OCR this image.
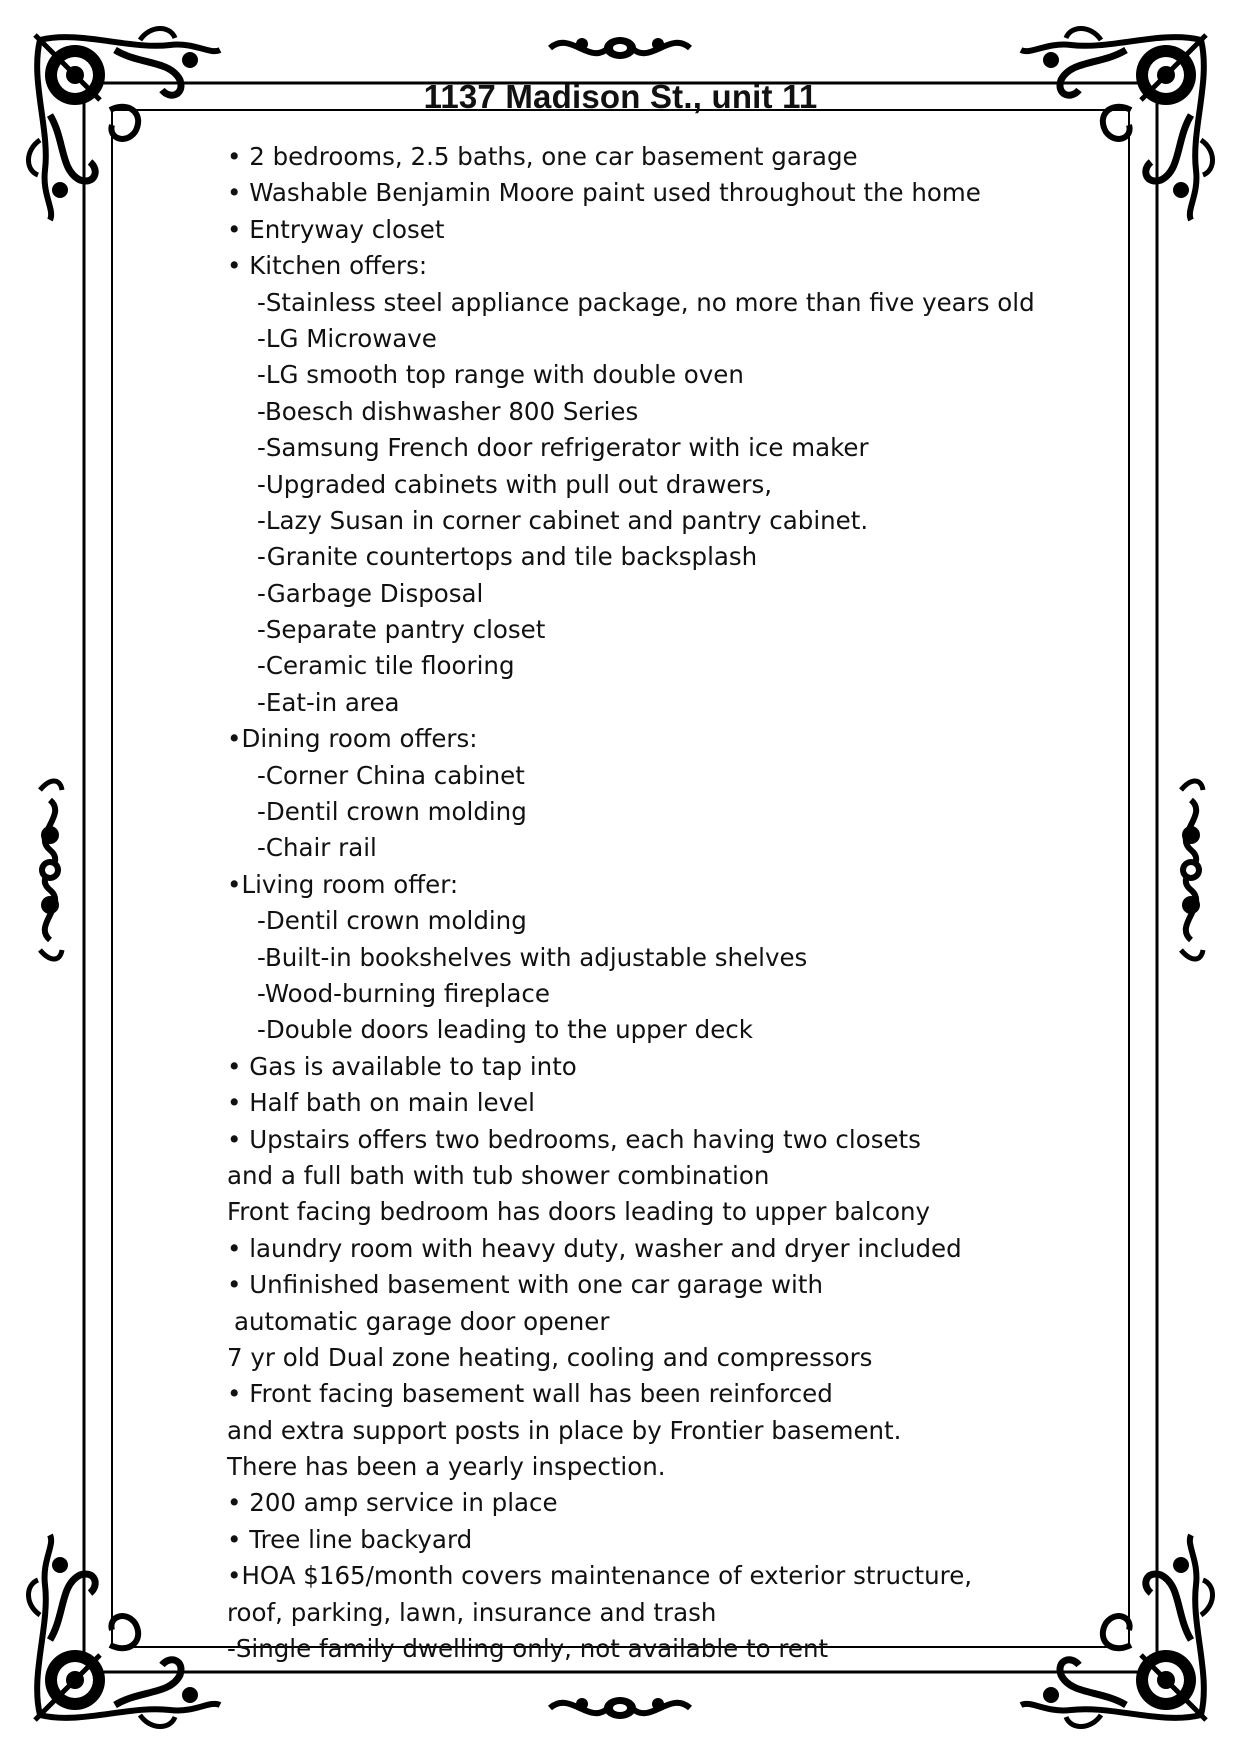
1137 Madison St., unit 11
• 2 bedrooms, 2.5 baths, one car basement garage
• Washable Benjamin Moore paint used throughout the home
• Entryway closet
• Kitchen offers:
-Stainless steel appliance package, no more than five years old
-LG Microwave
-LG smooth top range with double oven
-Boesch dishwasher 800 Series
-Samsung French door refrigerator with ice maker
-Upgraded cabinets with pull out drawers,
-Lazy Susan in corner cabinet and pantry cabinet.
-Granite countertops and tile backsplash
-Garbage Disposal
-Separate pantry closet
-Ceramic tile flooring
-Eat-in area
•Dining room offers:
-Corner China cabinet
-Dentil crown molding
-Chair rail
•Living room offer:
-Dentil crown molding
-Built-in bookshelves with adjustable shelves
-Wood-burning fireplace
-Double doors leading to the upper deck
• Gas is available to tap into
• Half bath on main level
• Upstairs offers two bedrooms, each having two closets
and a full bath with tub shower combination
Front facing bedroom has doors leading to upper balcony
• laundry room with heavy duty, washer and dryer included
• Unfinished basement with one car garage with
automatic garage door opener
7 yr old Dual zone heating, cooling and compressors
• Front facing basement wall has been reinforced
and extra support posts in place by Frontier basement.
There has been a yearly inspection.
• 200 amp service in place
• Tree line backyard
•HOA $165/month covers maintenance of exterior structure,
roof, parking, lawn, insurance and trash
-Single family dwelling only, not available to rent
